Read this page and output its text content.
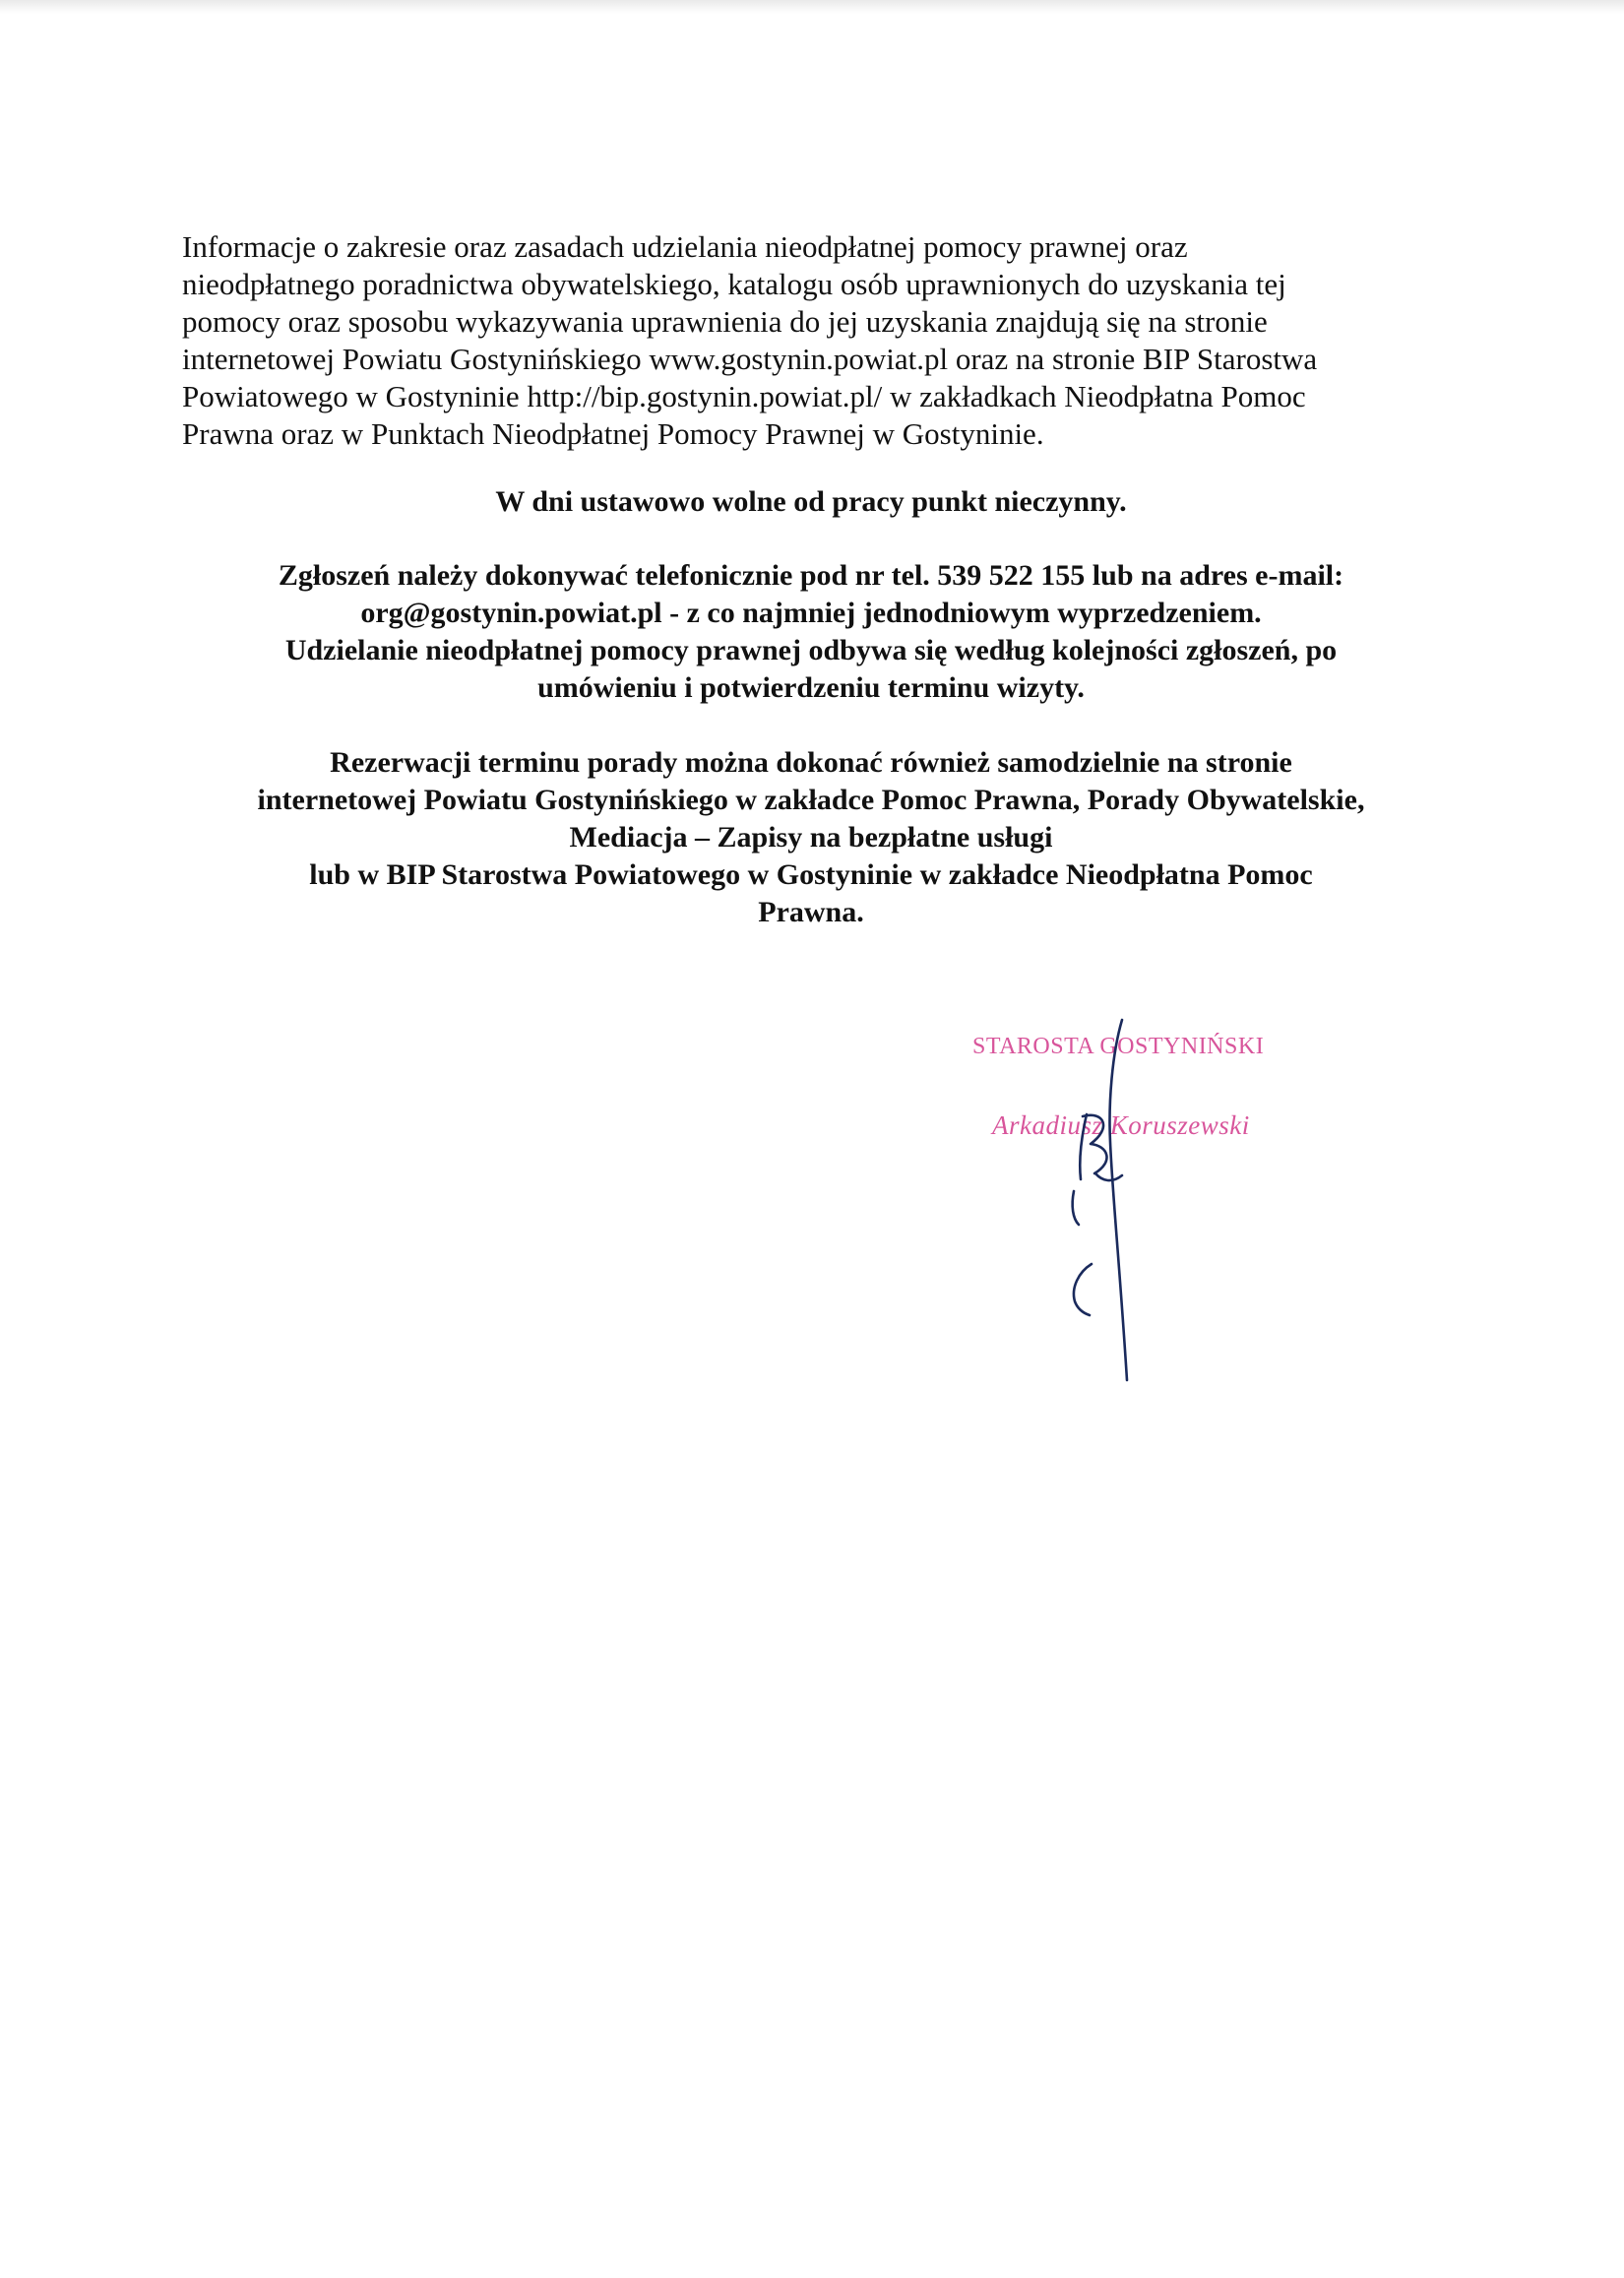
Informacje o zakresie oraz zasadach udzielania nieodpłatnej pomocy prawnej oraz
nieodpłatnego poradnictwa obywatelskiego, katalogu osób uprawnionych do uzyskania tej
pomocy oraz sposobu wykazywania uprawnienia do jej uzyskania znajdują się na stronie
internetowej Powiatu Gostynińskiego www.gostynin.powiat.pl oraz na stronie BIP Starostwa
Powiatowego w Gostyninie http://bip.gostynin.powiat.pl/ w zakładkach Nieodpłatna Pomoc
Prawna oraz w Punktach Nieodpłatnej Pomocy Prawnej w Gostyninie.

W dni ustawowo wolne od pracy punkt nieczynny.

Zgłoszeń należy dokonywać telefonicznie pod nr tel. 539 522 155 lub na adres e-mail:
org@gostynin.powiat.pl - z co najmniej jednodniowym wyprzedzeniem.
Udzielanie nieodpłatnej pomocy prawnej odbywa się według kolejności zgłoszeń, po
umówieniu i potwierdzeniu terminu wizyty.

Rezerwacji terminu porady można dokonać również samodzielnie na stronie
internetowej Powiatu Gostynińskiego w zakładce Pomoc Prawna, Porady Obywatelskie,
Mediacja – Zapisy na bezpłatne usługi
lub w BIP Starostwa Powiatowego w Gostyninie w zakładce Nieodpłatna Pomoc
Prawna.

STAROSTA GOSTYNIŃSKI
Arkadiusz Koruszewski
